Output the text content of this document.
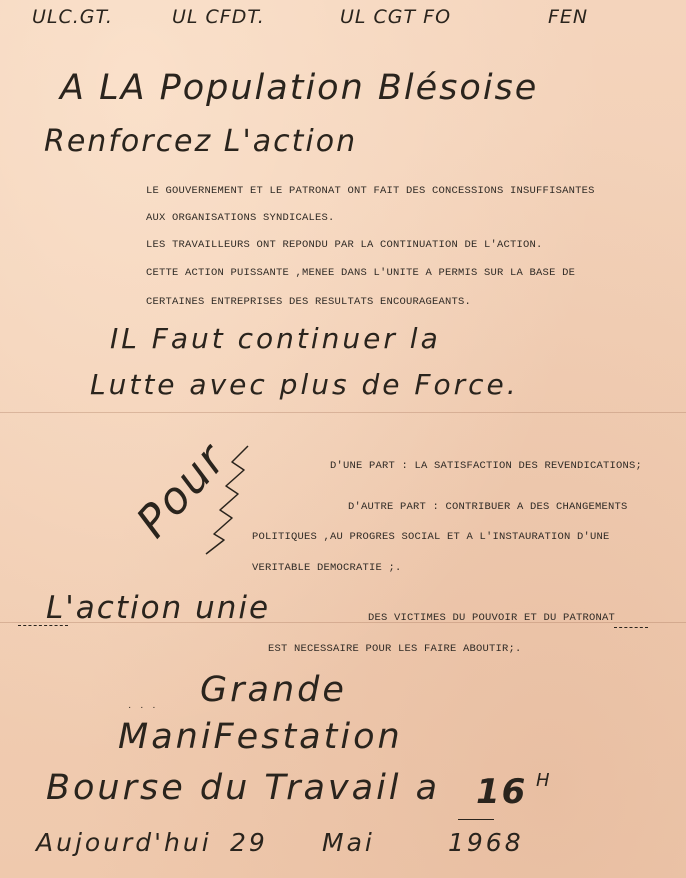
ULC.GT.	UL CFDT.	UL CGT FO	FEN

A LA Population Blésoise

Renforcez L'action

LE GOUVERNEMENT ET LE PATRONAT ONT FAIT DES CONCESSIONS INSUFFISANTES

AUX ORGANISATIONS SYNDICALES.

LES TRAVAILLEURS ONT REPONDU PAR LA CONTINUATION DE L'ACTION.

CETTE ACTION PUISSANTE ,MENEE DANS L'UNITE A PERMIS SUR LA BASE DE

CERTAINES ENTREPRISES DES RESULTATS ENCOURAGEANTS.

IL Faut continuer la

Lutte avec plus de Force.

Pour	D'UNE PART : LA SATISFACTION DES REVENDICATIONS;

D'AUTRE PART : CONTRIBUER A DES CHANGEMENTS

POLITIQUES ,AU PROGRES SOCIAL ET A L'INSTAURATION D'UNE

VERITABLE DEMOCRATIE ;.

L'action unie	DES VICTIMES DU POUVOIR ET DU PATRONAT

EST NECESSAIRE POUR LES FAIRE ABOUTIR;.

· · · Grande

ManiFestation

Bourse du Travail a 16 H

Aujourd'hui 29 Mai	1968
